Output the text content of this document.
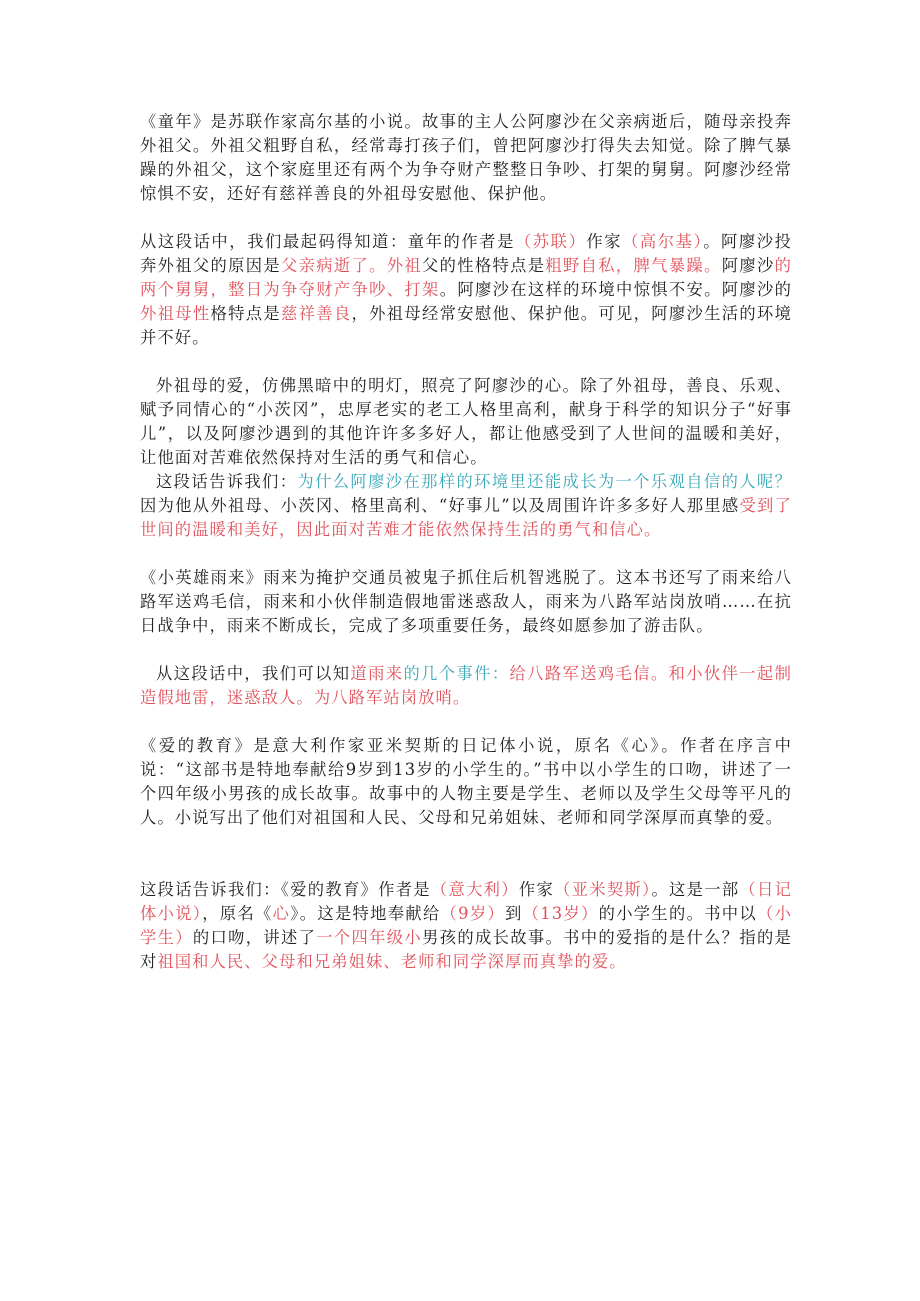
《童年》是苏联作家高尔基的小说。故事的主人公阿廖沙在父亲病逝后，随母亲投奔外祖父。外祖父粗野自私，经常毒打孩子们，曾把阿廖沙打得失去知觉。除了脾气暴躁的外祖父，这个家庭里还有两个为争夺财产整整日争吵、打架的舅舅。阿廖沙经常惊惧不安，还好有慈祥善良的外祖母安慰他、保护他。

从这段话中，我们最起码得知道：童年的作者是（苏联）作家（高尔基）。阿廖沙投奔外祖父的原因是父亲病逝了。外祖父的性格特点是粗野自私，脾气暴躁。阿廖沙的两个舅舅，整日为争夺财产争吵、打架。阿廖沙在这样的环境中惊惧不安。阿廖沙的外祖母性格特点是慈祥善良，外祖母经常安慰他、保护他。可见，阿廖沙生活的环境并不好。

外祖母的爱，仿佛黑暗中的明灯，照亮了阿廖沙的心。除了外祖母，善良、乐观、赋予同情心的“小茨冈”，忠厚老实的老工人格里高利，献身于科学的知识分子“好事儿”，以及阿廖沙遇到的其他许许多多好人，都让他感受到了人世间的温暖和美好，让他面对苦难依然保持对生活的勇气和信心。

这段话告诉我们：为什么阿廖沙在那样的环境里还能成长为一个乐观自信的人呢？因为他从外祖母、小茨冈、格里高利、“好事儿”以及周围许许多多好人那里感受到了世间的温暖和美好，因此面对苦难才能依然保持生活的勇气和信心。

《小英雄雨来》雨来为掩护交通员被鬼子抓住后机智逃脱了。这本书还写了雨来给八路军送鸡毛信，雨来和小伙伴制造假地雷迷惑敌人，雨来为八路军站岗放哨……在抗日战争中，雨来不断成长，完成了多项重要任务，最终如愿参加了游击队。

从这段话中，我们可以知道雨来的几个事件：给八路军送鸡毛信。和小伙伴一起制造假地雷，迷惑敌人。为八路军站岗放哨。

《爱的教育》是意大利作家亚米契斯的日记体小说，原名《心》。作者在序言中说：“这部书是特地奉献给9岁到13岁的小学生的。”书中以小学生的口吻，讲述了一个四年级小男孩的成长故事。故事中的人物主要是学生、老师以及学生父母等平凡的人。小说写出了他们对祖国和人民、父母和兄弟姐妹、老师和同学深厚而真挚的爱。

这段话告诉我们：《爱的教育》作者是（意大利）作家（亚米契斯）。这是一部（日记体小说），原名《心》。这是特地奉献给（9岁）到（13岁）的小学生的。书中以（小学生）的口吻，讲述了一个四年级小男孩的成长故事。书中的爱指的是什么？指的是对祖国和人民、父母和兄弟姐妹、老师和同学深厚而真挚的爱。
